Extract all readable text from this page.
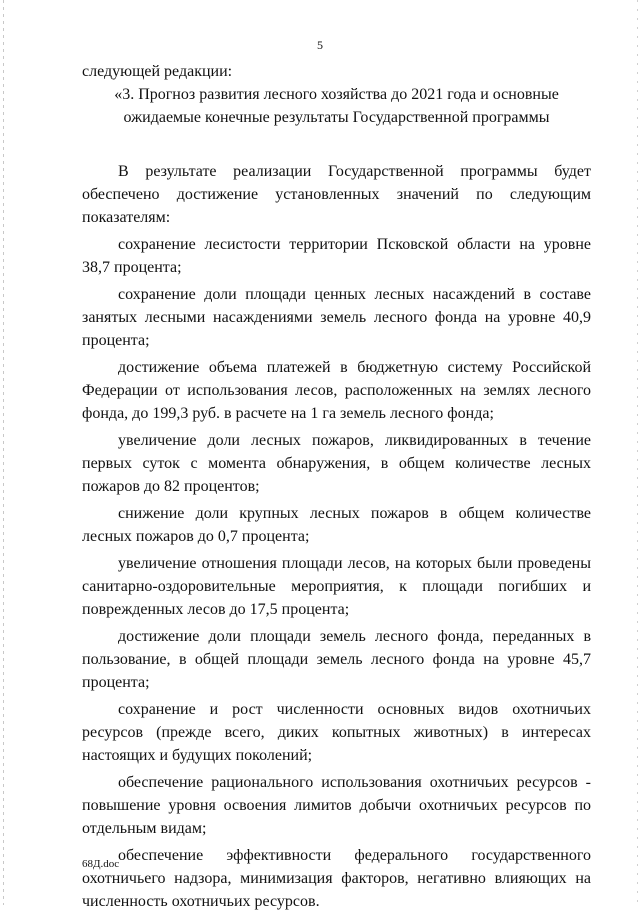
5

следующей редакции:

«3. Прогноз развития лесного хозяйства до 2021 года и основные ожидаемые конечные результаты Государственной программы

В результате реализации Государственной программы будет обеспечено достижение установленных значений по следующим показателям:

сохранение лесистости территории Псковской области на уровне 38,7 процента;

сохранение доли площади ценных лесных насаждений в составе занятых лесными насаждениями земель лесного фонда на уровне 40,9 процента;

достижение объема платежей в бюджетную систему Российской Федерации от использования лесов, расположенных на землях лесного фонда, до 199,3 руб. в расчете на 1 га земель лесного фонда;

увеличение доли лесных пожаров, ликвидированных в течение первых суток с момента обнаружения, в общем количестве лесных пожаров до 82 процентов;

снижение доли крупных лесных пожаров в общем количестве лесных пожаров до 0,7 процента;

увеличение отношения площади лесов, на которых были проведены санитарно-оздоровительные мероприятия, к площади погибших и поврежденных лесов до 17,5 процента;

достижение доли площади земель лесного фонда, переданных в пользование, в общей площади земель лесного фонда на уровне 45,7 процента;

сохранение и рост численности основных видов охотничьих ресурсов (прежде всего, диких копытных животных) в интересах настоящих и будущих поколений;

обеспечение рационального использования охотничьих ресурсов - повышение уровня освоения лимитов добычи охотничьих ресурсов по отдельным видам;

обеспечение эффективности федерального государственного охотничьего надзора, минимизация факторов, негативно влияющих на численность охотничьих ресурсов.

68Д.doc
